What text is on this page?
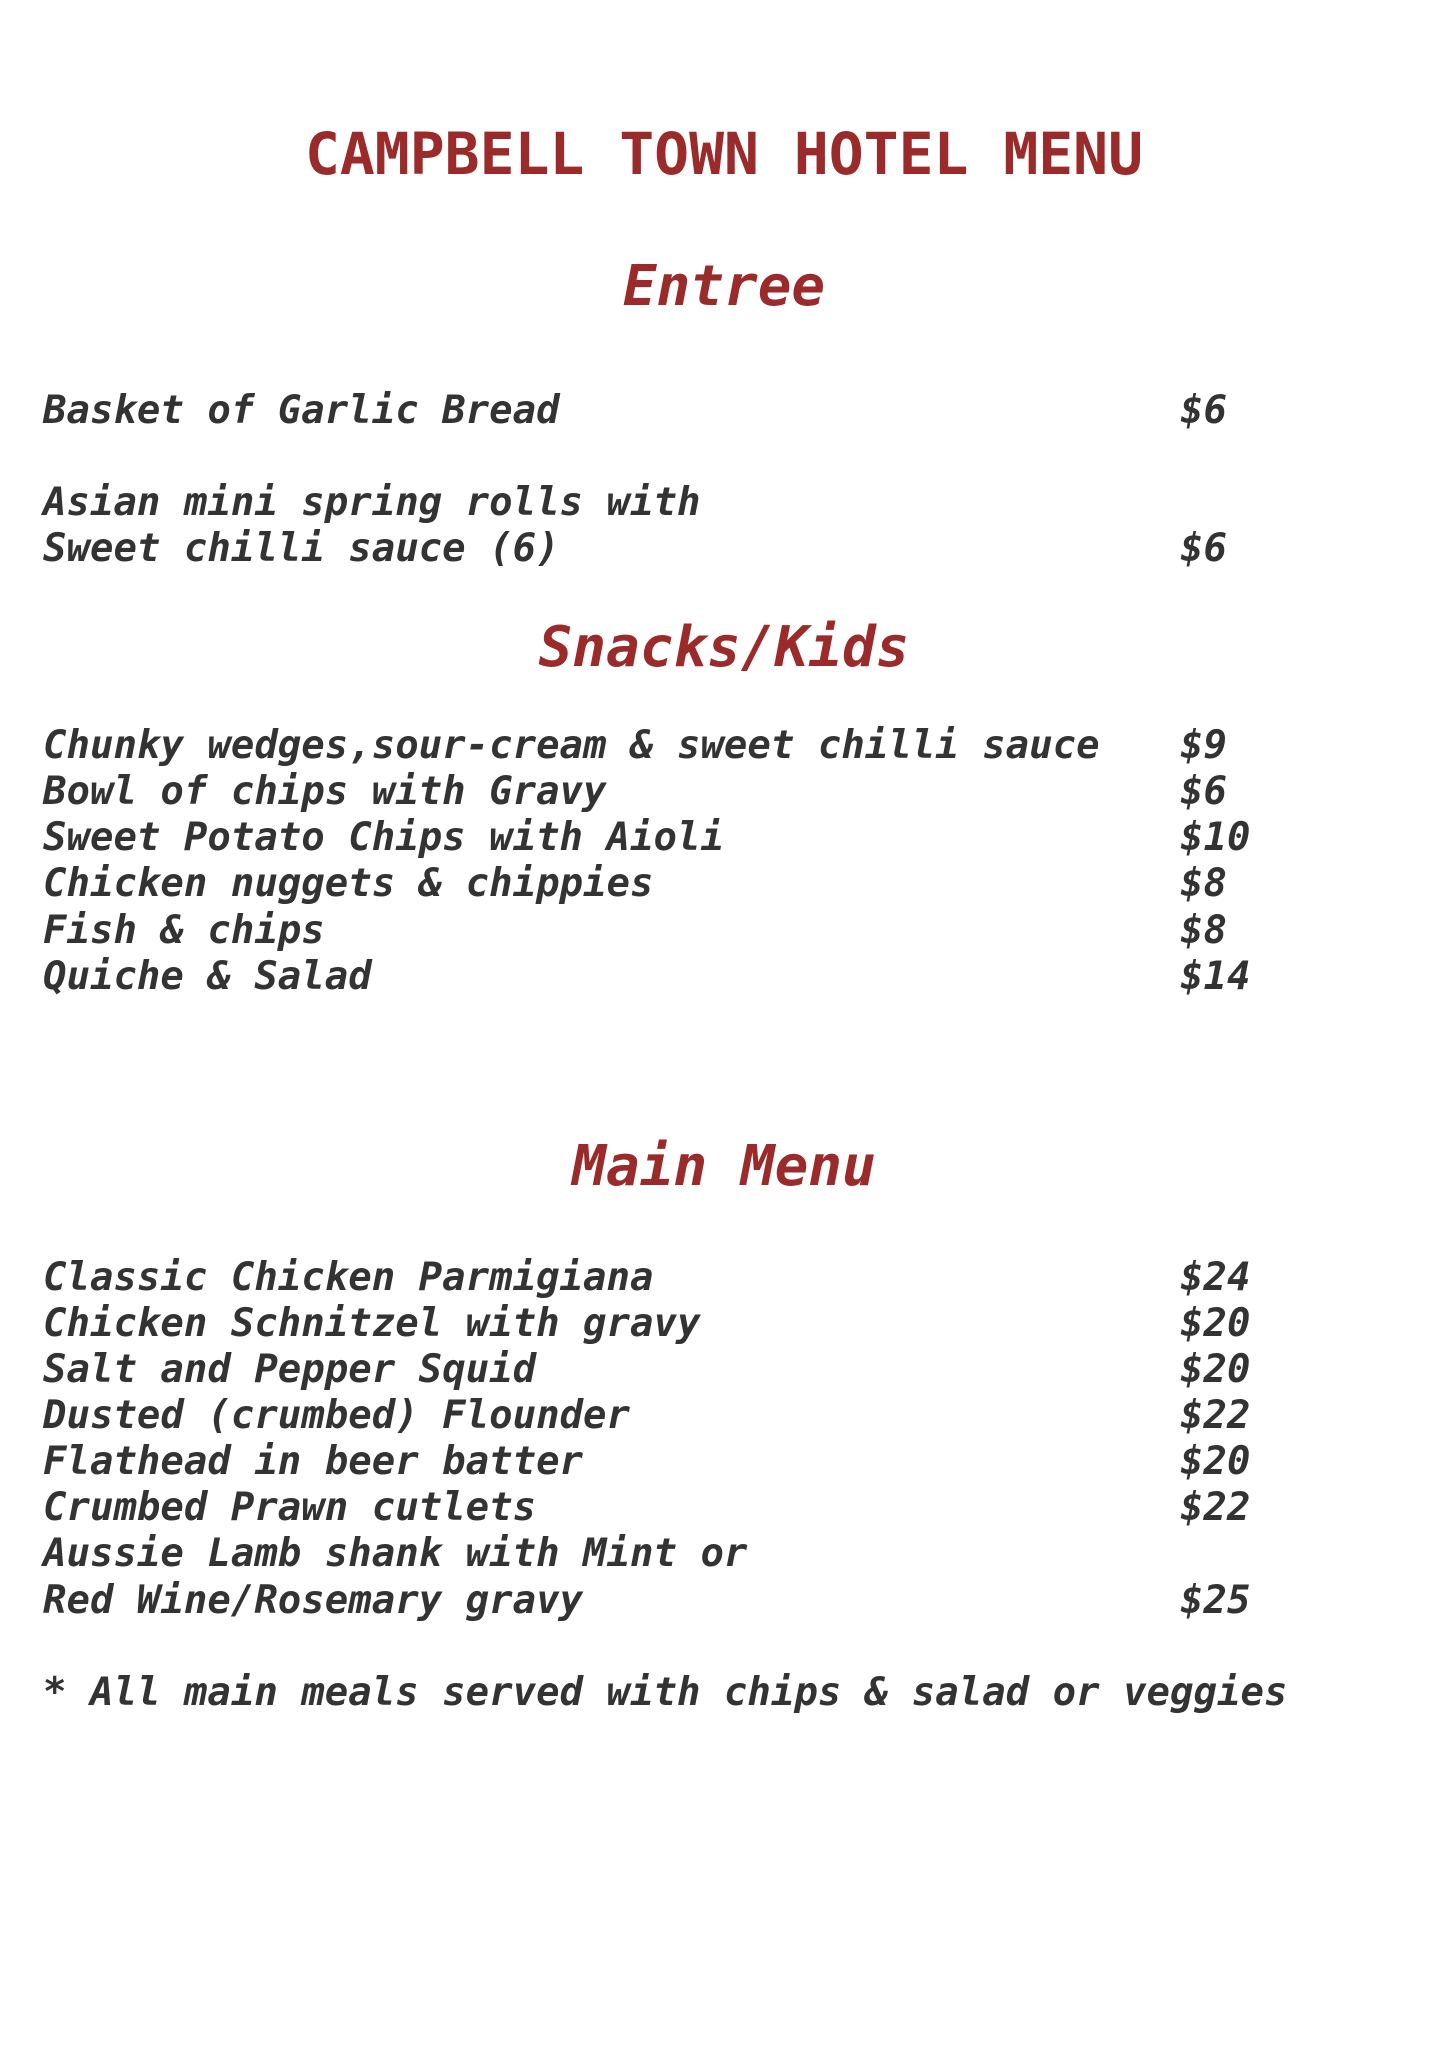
CAMPBELL TOWN HOTEL MENU
Entree
Basket of Garlic Bread	$6
Asian mini spring rolls with
Sweet chilli sauce (6)	$6
Snacks/Kids
Chunky wedges,sour-cream & sweet chilli sauce $9
Bowl of chips with Gravy	$6
Sweet Potato Chips with Aioli	$10
Chicken nuggets & chippies	$8
Fish & chips	$8
Quiche & Salad	$14
Main Menu
Classic Chicken Parmigiana	$24
Chicken Schnitzel with gravy	$20
Salt and Pepper Squid	$20
Dusted (crumbed) Flounder	$22
Flathead in beer batter	$20
Crumbed Prawn cutlets	$22
Aussie Lamb shank with Mint or
Red Wine/Rosemary gravy	$25
* All main meals served with chips & salad or veggies
